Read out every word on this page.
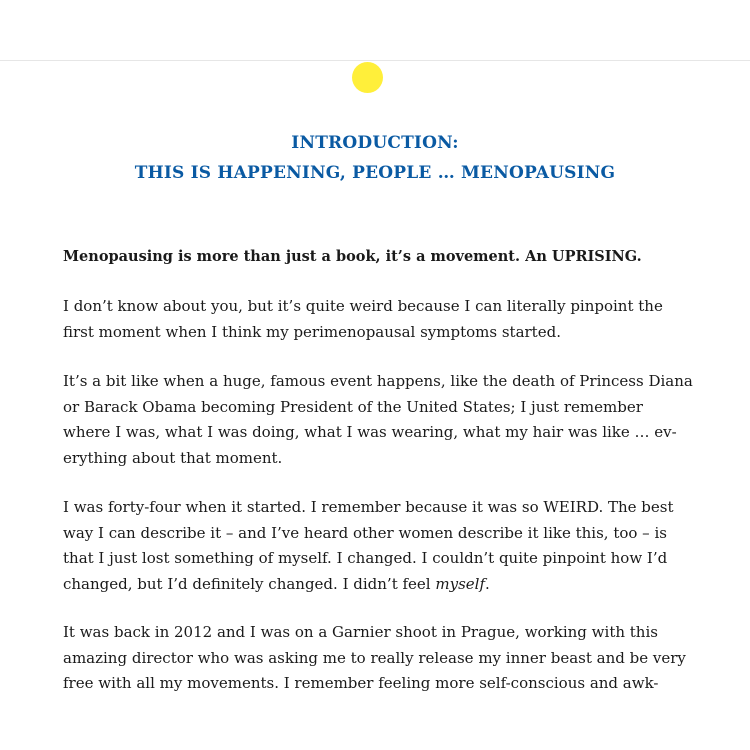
INTRODUCTION:
THIS IS HAPPENING, PEOPLE … MENOPAUSING
Menopausing is more than just a book, it’s a movement. An UPRISING.
I don’t know about you, but it’s quite weird because I can literally pinpoint the
first moment when I think my perimenopausal symptoms started.
It’s a bit like when a huge, famous event happens, like the death of Princess Diana
or Barack Obama becoming President of the United States; I just remember
where I was, what I was doing, what I was wearing, what my hair was like … ev-
erything about that moment.
I was forty-four when it started. I remember because it was so WEIRD. The best
way I can describe it – and I’ve heard other women describe it like this, too – is
that I just lost something of myself. I changed. I couldn’t quite pinpoint how I’d
changed, but I’d definitely changed. I didn’t feel myself.
It was back in 2012 and I was on a Garnier shoot in Prague, working with this
amazing director who was asking me to really release my inner beast and be very
free with all my movements. I remember feeling more self-conscious and awk-
